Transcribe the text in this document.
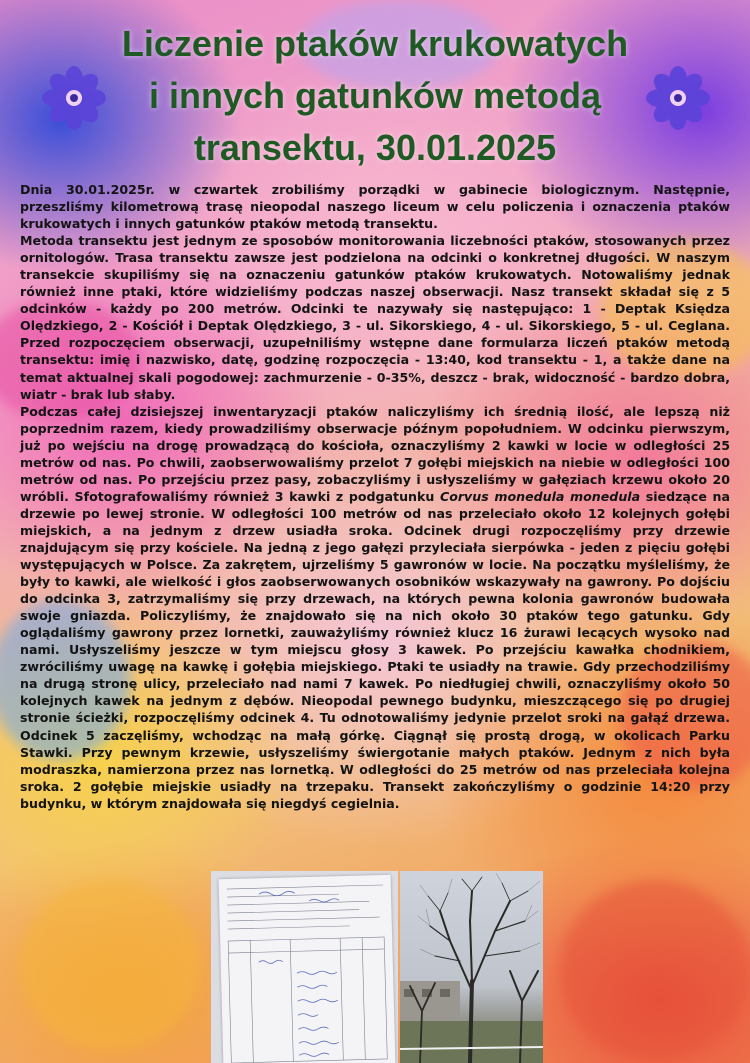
Liczenie ptaków krukowatych
i innych gatunków metodą
transektu, 30.01.2025

Dnia 30.01.2025r. w czwartek zrobiliśmy porządki w gabinecie biologicznym. Następnie, przeszliśmy kilometrową trasę nieopodal naszego liceum w celu policzenia i oznaczenia ptaków krukowatych i innych gatunków ptaków metodą transektu.

Metoda transektu jest jednym ze sposobów monitorowania liczebności ptaków, stosowanych przez ornitologów. Trasa transektu zawsze jest podzielona na odcinki o konkretnej długości. W naszym transekcie skupiliśmy się na oznaczeniu gatunków ptaków krukowatych. Notowaliśmy jednak również inne ptaki, które widzieliśmy podczas naszej obserwacji. Nasz transekt składał się z 5 odcinków - każdy po 200 metrów. Odcinki te nazywały się następująco: 1 - Deptak Księdza Olędzkiego, 2 - Kościół i Deptak Olędzkiego, 3 - ul. Sikorskiego, 4 - ul. Sikorskiego, 5 - ul. Ceglana. Przed rozpoczęciem obserwacji, uzupełniliśmy wstępne dane formularza liczeń ptaków metodą transektu: imię i nazwisko, datę, godzinę rozpoczęcia - 13:40, kod transektu - 1, a także dane na temat aktualnej skali pogodowej: zachmurzenie - 0-35%, deszcz - brak, widoczność - bardzo dobra, wiatr - brak lub słaby.

Podczas całej dzisiejszej inwentaryzacji ptaków naliczyliśmy ich średnią ilość, ale lepszą niż poprzednim razem, kiedy prowadziliśmy obserwacje późnym popołudniem. W odcinku pierwszym, już po wejściu na drogę prowadzącą do kościoła, oznaczyliśmy 2 kawki w locie w odległości 25 metrów od nas. Po chwili, zaobserwowaliśmy przelot 7 gołębi miejskich na niebie w odległości 100 metrów od nas. Po przejściu przez pasy, zobaczyliśmy i usłyszeliśmy w gałęziach krzewu około 20 wróbli. Sfotografowaliśmy również 3 kawki z podgatunku Corvus monedula monedula siedzące na drzewie po lewej stronie. W odległości 100 metrów od nas przeleciało około 12 kolejnych gołębi miejskich, a na jednym z drzew usiadła sroka. Odcinek drugi rozpoczęliśmy przy drzewie znajdującym się przy kościele. Na jedną z jego gałęzi przyleciała sierpówka - jeden z pięciu gołębi występujących w Polsce. Za zakrętem, ujrzeliśmy 5 gawronów w locie. Na początku myśleliśmy, że były to kawki, ale wielkość i głos zaobserwowanych osobników wskazywały na gawrony. Po dojściu do odcinka 3, zatrzymaliśmy się przy drzewach, na których pewna kolonia gawronów budowała swoje gniazda. Policzyliśmy, że znajdowało się na nich około 30 ptaków tego gatunku. Gdy oglądaliśmy gawrony przez lornetki, zauważyliśmy również klucz 16 żurawi lecących wysoko nad nami. Usłyszeliśmy jeszcze w tym miejscu głosy 3 kawek. Po przejściu kawałka chodnikiem, zwróciliśmy uwagę na kawkę i gołębia miejskiego. Ptaki te usiadły na trawie. Gdy przechodziliśmy na drugą stronę ulicy, przeleciało nad nami 7 kawek. Po niedługiej chwili, oznaczyliśmy około 50 kolejnych kawek na jednym z dębów. Nieopodal pewnego budynku, mieszczącego się po drugiej stronie ścieżki, rozpoczęliśmy odcinek 4. Tu odnotowaliśmy jedynie przelot sroki na gałąź drzewa. Odcinek 5 zaczęliśmy, wchodząc na małą górkę. Ciągnął się prostą drogą, w okolicach Parku Stawki. Przy pewnym krzewie, usłyszeliśmy świergotanie małych ptaków. Jednym z nich była modraszka, namierzona przez nas lornetką. W odległości do 25 metrów od nas przeleciała kolejna sroka. 2 gołębie miejskie usiadły na trzepaku. Transekt zakończyliśmy o godzinie 14:20 przy budynku, w którym znajdowała się niegdyś cegielnia.
